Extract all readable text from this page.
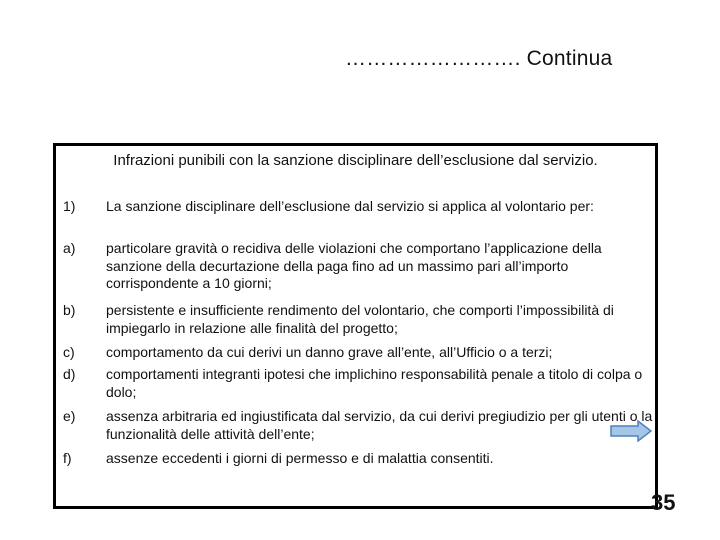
……………………. Continua
Infrazioni punibili con la sanzione disciplinare dell’esclusione dal servizio.
1) La sanzione disciplinare dell’esclusione dal servizio si applica al volontario per:
a) particolare gravità o recidiva delle violazioni che comportano l’applicazione della sanzione della decurtazione della paga fino ad un massimo pari all’importo corrispondente a 10 giorni;
b) persistente e insufficiente rendimento del volontario, che comporti l’impossibilità di impiegarlo in relazione alle finalità del progetto;
c) comportamento da cui derivi un danno grave all’ente, all’Ufficio o a terzi;
d) comportamenti integranti ipotesi che implichino responsabilità penale a titolo di colpa o dolo;
e) assenza arbitraria ed ingiustificata dal servizio, da cui derivi pregiudizio per gli utenti o la funzionalità delle attività dell’ente;
f) assenze eccedenti i giorni di permesso e di malattia consentiti.
35
